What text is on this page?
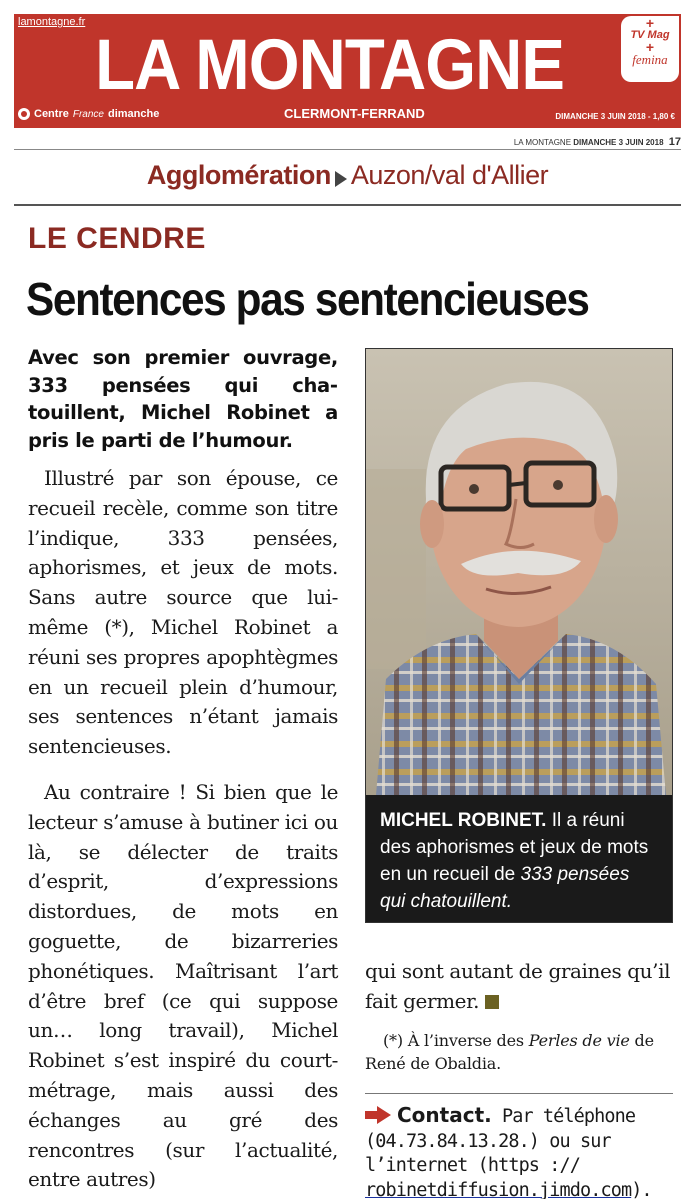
lamontagne.fr
LA MONTAGNE
+
TV Mag
+
femina
Centre France dimanche	CLERMONT-FERRAND	DIMANCHE 3 JUIN 2018 - 1,80 €
LA MONTAGNE DIMANCHE 3 JUIN 2018 17
Agglomération Auzon/val d'Allier
LE CENDRE
Sentences pas sentencieuses

Avec son premier ouvrage, 333 pensées qui chatouillent, Michel Robinet a pris le parti de l’humour.

Illustré par son épouse, ce recueil recèle, comme son titre l’indique, 333 pensées, aphorismes, et jeux de mots. Sans autre source que lui-même (*), Michel Robinet a réuni ses propres apophtègmes en un recueil plein d’humour, ses sentences n’étant jamais sentencieuses.

Au contraire ! Si bien que le lecteur s’amuse à butiner ici ou là, se délecter de traits d’esprit, d’expressions distordues, de mots en goguette, de bizarreries phonétiques. Maîtrisant l’art d’être bref (ce qui suppose un… long travail), Michel Robinet s’est inspiré du court-métrage, mais aussi des échanges au gré des rencontres (sur l’actualité, entre autres)

MICHEL ROBINET. Il a réuni des aphorismes et jeux de mots en un recueil de 333 pensées qui chatouillent.

qui sont autant de graines qu’il fait germer.

(*) À l’inverse des Perles de vie de René de Obaldia.

Contact. Par téléphone (04.73.84.13.28.) ou sur l’internet (https :// robinetdiffusion.jimdo.com).
